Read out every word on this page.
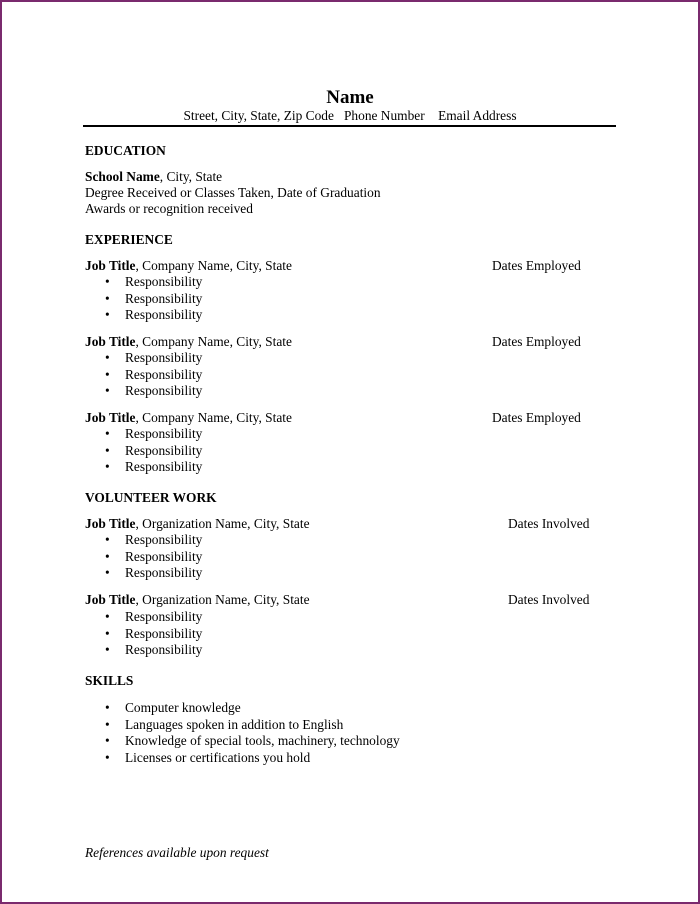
Name
Street, City, State, Zip Code   Phone Number    Email Address
EDUCATION
School Name, City, State
Degree Received or Classes Taken, Date of Graduation
Awards or recognition received
EXPERIENCE
Job Title, Company Name, City, State	Dates Employed
• Responsibility
• Responsibility
• Responsibility
Job Title, Company Name, City, State	Dates Employed
• Responsibility
• Responsibility
• Responsibility
Job Title, Company Name, City, State	Dates Employed
• Responsibility
• Responsibility
• Responsibility
VOLUNTEER WORK
Job Title, Organization Name, City, State	Dates Involved
• Responsibility
• Responsibility
• Responsibility
Job Title, Organization Name, City, State	Dates Involved
• Responsibility
• Responsibility
• Responsibility
SKILLS
• Computer knowledge
• Languages spoken in addition to English
• Knowledge of special tools, machinery, technology
• Licenses or certifications you hold
References available upon request
